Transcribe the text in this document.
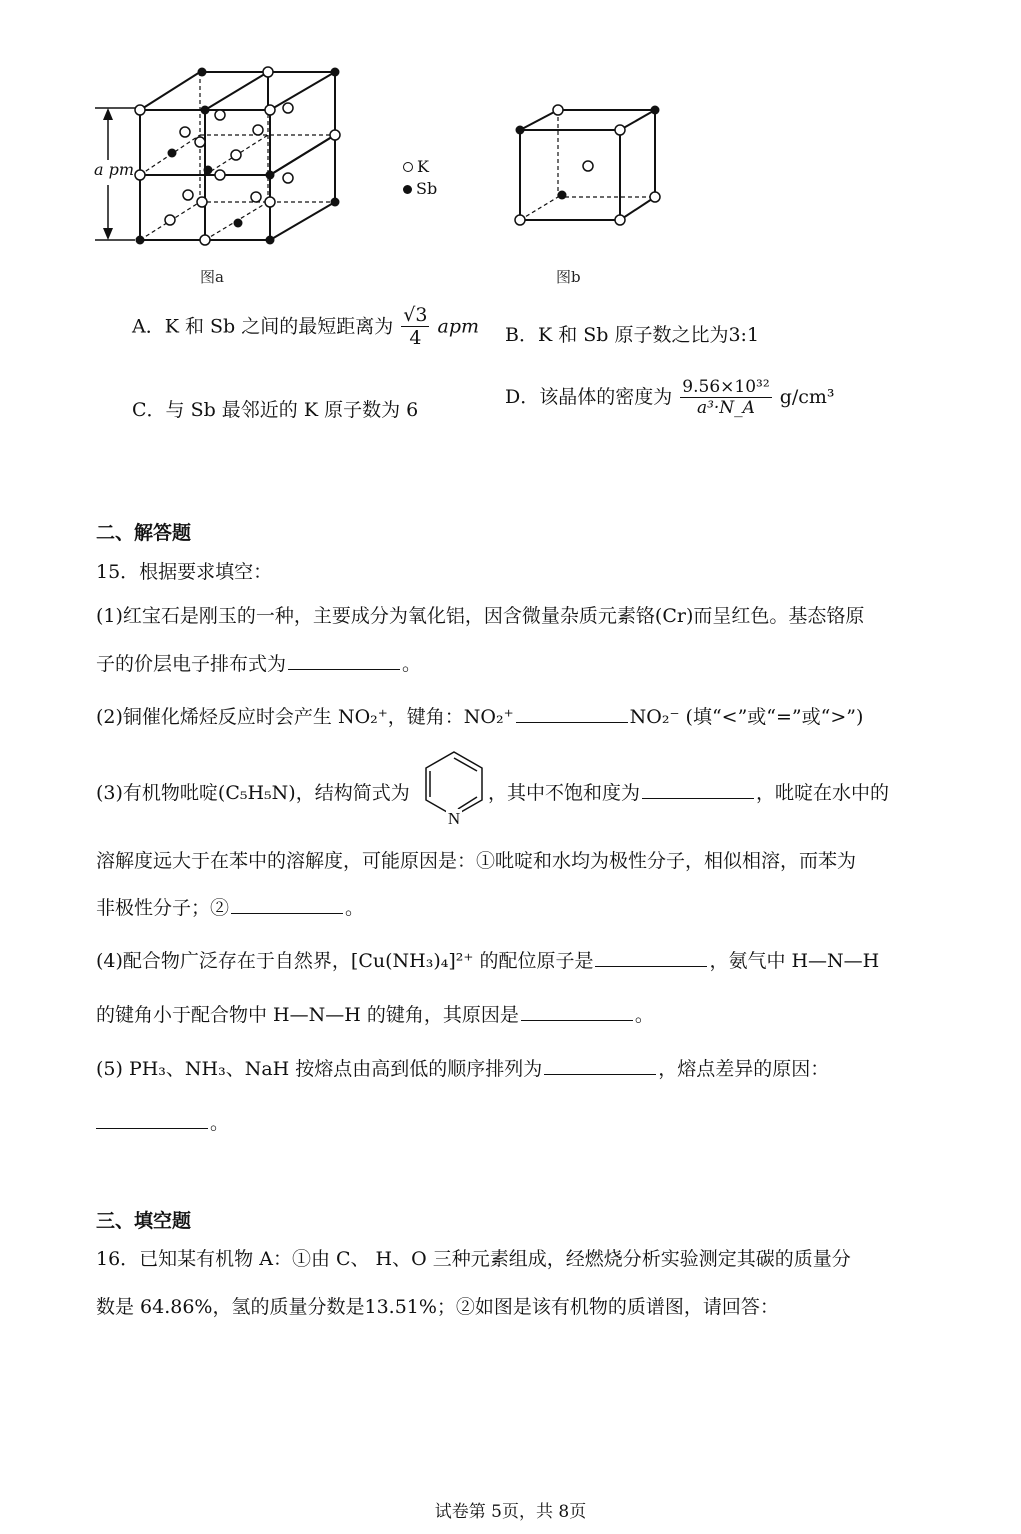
a pm
图a
K
Sb
图b
A．K 和 Sb 之间的最短距离为 $\frac{√3}{4}$ apm B．K 和 Sb 原子数之比为3:1
C．与 Sb 最邻近的 K 原子数为 6
D．该晶体的密度为 $\frac{\text{9.56×10³²}}{\text{a³·N\_A}} g/cm^3$
二、解答题
15．根据要求填空：
(1)红宝石是刚玉的一种，主要成分为氧化铝，因含微量杂质元素铬(Cr)而呈红色。基态铬原
子的价层电子排布式为	。
(2)铜催化烯烃反应时会产生 NO₂⁺，键角：NO₂⁺	NO₂⁻ (填“<”或“=”或“>”)
(3)有机物吡啶(C₅H₅N)，结构简式为
N
，其中不饱和度为	，吡啶在水中的
溶解度远大于在苯中的溶解度，可能原因是：①吡啶和水均为极性分子，相似相溶，而苯为
非极性分子；②	。
(4)配合物广泛存在于自然界，[Cu(NH₃)₄]²⁺ 的配位原子是	，氨气中 H—N—H
的键角小于配合物中 H—N—H 的键角，其原因是	。
(5) PH₃、NH₃、NaH 按熔点由高到低的顺序排列为	，熔点差异的原因：
。
三、填空题
16．已知某有机物 A：①由 C、 H、O 三种元素组成，经燃烧分析实验测定其碳的质量分
数是 64.86%，氢的质量分数是13.51%；②如图是该有机物的质谱图，请回答：
试卷第 5页，共 8页
